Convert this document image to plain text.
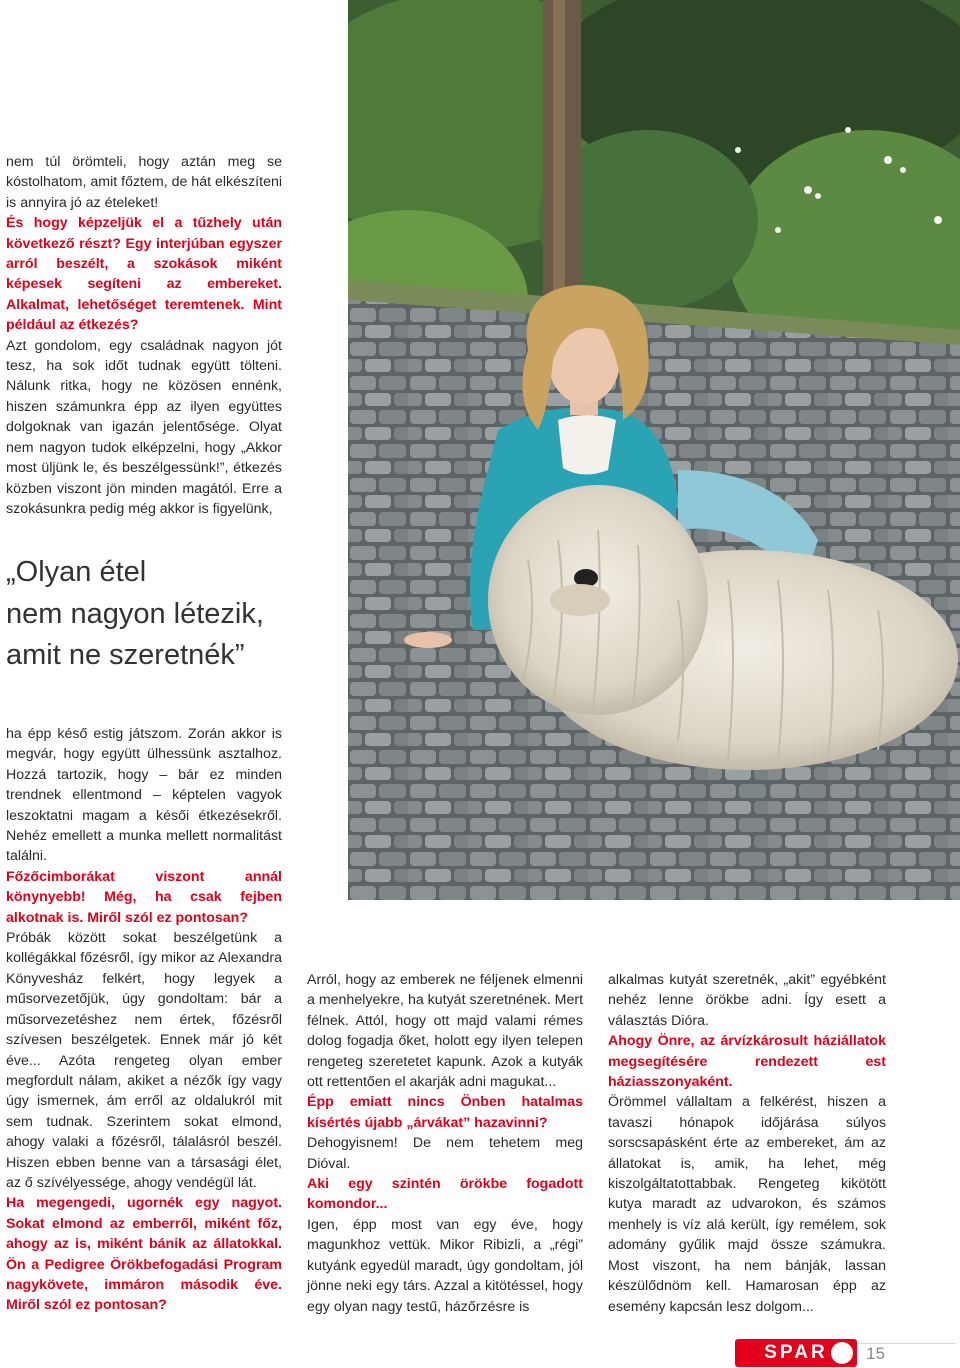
nem túl örömteli, hogy aztán meg se kóstolhatom, amit főztem, de hát elkészíteni is annyira jó az ételeket!

És hogy képzeljük el a tűzhely után következő részt? Egy interjúban egyszer arról beszélt, a szokások miként képesek segíteni az embereket. Alkalmat, lehetőséget teremtenek. Mint például az étkezés?

Azt gondolom, egy családnak nagyon jót tesz, ha sok időt tudnak együtt tölteni. Nálunk ritka, hogy ne közösen ennénk, hiszen számunkra épp az ilyen együttes dolgoknak van igazán jelentősége. Olyat nem nagyon tudok elképzelni, hogy „Akkor most üljünk le, és beszélgessünk!”, étkezés közben viszont jön minden magától. Erre a szokásunkra pedig még akkor is figyelünk,

„Olyan étel
nem nagyon létezik,
amit ne szeretnék”

ha épp késő estig játszom. Zorán akkor is megvár, hogy együtt ülhessünk asztalhoz. Hozzá tartozik, hogy – bár ez minden trendnek ellentmond – képtelen vagyok leszoktatni magam a késői étkezésekről. Nehéz emellett a munka mellett normalitást találni.

Főzőcimborákat viszont annál könynyebb! Még, ha csak fejben alkotnak is. Miről szól ez pontosan?

Próbák között sokat beszélgetünk a kollégákkal főzésről, így mikor az Alexandra Könyvesház felkért, hogy legyek a műsorvezetőjük, úgy gondoltam: bár a műsorvezetéshez nem értek, főzésről szívesen beszélgetek. Ennek már jó két éve... Azóta rengeteg olyan ember megfordult nálam, akiket a nézők így vagy úgy ismernek, ám erről az oldalukról mit sem tudnak. Szerintem sokat elmond, ahogy valaki a főzésről, tálalásról beszél. Hiszen ebben benne van a társasági élet, az ő szívélyessége, ahogy vendégül lát.

Ha megengedi, ugornék egy nagyot. Sokat elmond az emberről, miként főz, ahogy az is, miként bánik az állatokkal. Ön a Pedigree Örökbefogadási Program nagykövete, immáron második éve. Miről szól ez pontosan?

Arról, hogy az emberek ne féljenek elmenni a menhelyekre, ha kutyát szeretnének. Mert félnek. Attól, hogy ott majd valami rémes dolog fogadja őket, holott egy ilyen telepen rengeteg szeretetet kapunk. Azok a kutyák ott rettentően el akarják adni magukat...

Épp emiatt nincs Önben hatalmas kísértés újabb „árvákat” hazavinni?

Dehogyisnem! De nem tehetem meg Dióval.

Aki egy szintén örökbe fogadott komondor...

Igen, épp most van egy éve, hogy magunkhoz vettük. Mikor Ribizli, a „régi” kutyánk egyedül maradt, úgy gondoltam, jól jönne neki egy társ. Azzal a kitötéssel, hogy egy olyan nagy testű, házőrzésre is

alkalmas kutyát szeretnék, „akit” egyébként nehéz lenne örökbe adni. Így esett a választás Dióra.

Ahogy Önre, az árvízkárosult háziállatok megsegítésére rendezett est háziasszonyaként.

Örömmel vállaltam a felkérést, hiszen a tavaszi hónapok időjárása súlyos sorscsapásként érte az embereket, ám az állatokat is, amik, ha lehet, még kiszolgáltatottabbak. Rengeteg kikötött kutya maradt az udvarokon, és számos menhely is víz alá került, így remélem, sok adomány gyűlik majd össze számukra. Most viszont, ha nem bánják, lassan készülődnöm kell. Hamarosan épp az esemény kapcsán lesz dolgom...

SPAR 15
